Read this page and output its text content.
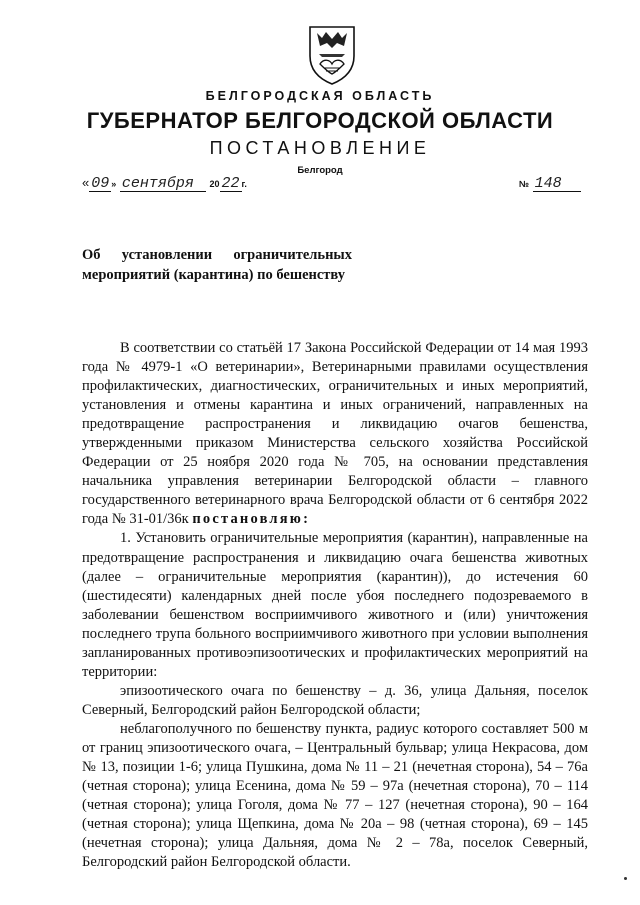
БЕЛГОРОДСКАЯ ОБЛАСТЬ
ГУБЕРНАТОР БЕЛГОРОДСКОЙ ОБЛАСТИ
ПОСТАНОВЛЕНИЕ
Белгород
« 09 » сентября 20 22 г.	№ 148
Об установлении ограничительных
мероприятий (карантина) по бешенству

В соответствии со статьёй 17 Закона Российской Федерации от 14 мая 1993 года № 4979-1 «О ветеринарии», Ветеринарными правилами осуществления профилактических, диагностических, ограничительных и иных мероприятий, установления и отмены карантина и иных ограничений, направленных на предотвращение распространения и ликвидацию очагов бешенства, утвержденными приказом Министерства сельского хозяйства Российской Федерации от 25 ноября 2020 года № 705, на основании представления начальника управления ветеринарии Белгородской области – главного государственного ветеринарного врача Белгородской области от 6 сентября 2022 года № 31-01/36к постановляю:

1. Установить ограничительные мероприятия (карантин), направленные на предотвращение распространения и ликвидацию очага бешенства животных (далее – ограничительные мероприятия (карантин)), до истечения 60 (шестидесяти) календарных дней после убоя последнего подозреваемого в заболевании бешенством восприимчивого животного и (или) уничтожения последнего трупа больного восприимчивого животного при условии выполнения запланированных противоэпизоотических и профилактических мероприятий на территории:

эпизоотического очага по бешенству – д. 36, улица Дальняя, поселок Северный, Белгородский район Белгородской области;

неблагополучного по бешенству пункта, радиус которого составляет 500 м от границ эпизоотического очага, – Центральный бульвар; улица Некрасова, дом № 13, позиции 1-6; улица Пушкина, дома № 11 – 21 (нечетная сторона), 54 – 76а (четная сторона); улица Есенина, дома № 59 – 97а (нечетная сторона), 70 – 114 (четная сторона); улица Гоголя, дома № 77 – 127 (нечетная сторона), 90 – 164 (четная сторона); улица Щепкина, дома № 20а – 98 (четная сторона), 69 – 145 (нечетная сторона); улица Дальняя, дома № 2 – 78а, поселок Северный, Белгородский район Белгородской области.
